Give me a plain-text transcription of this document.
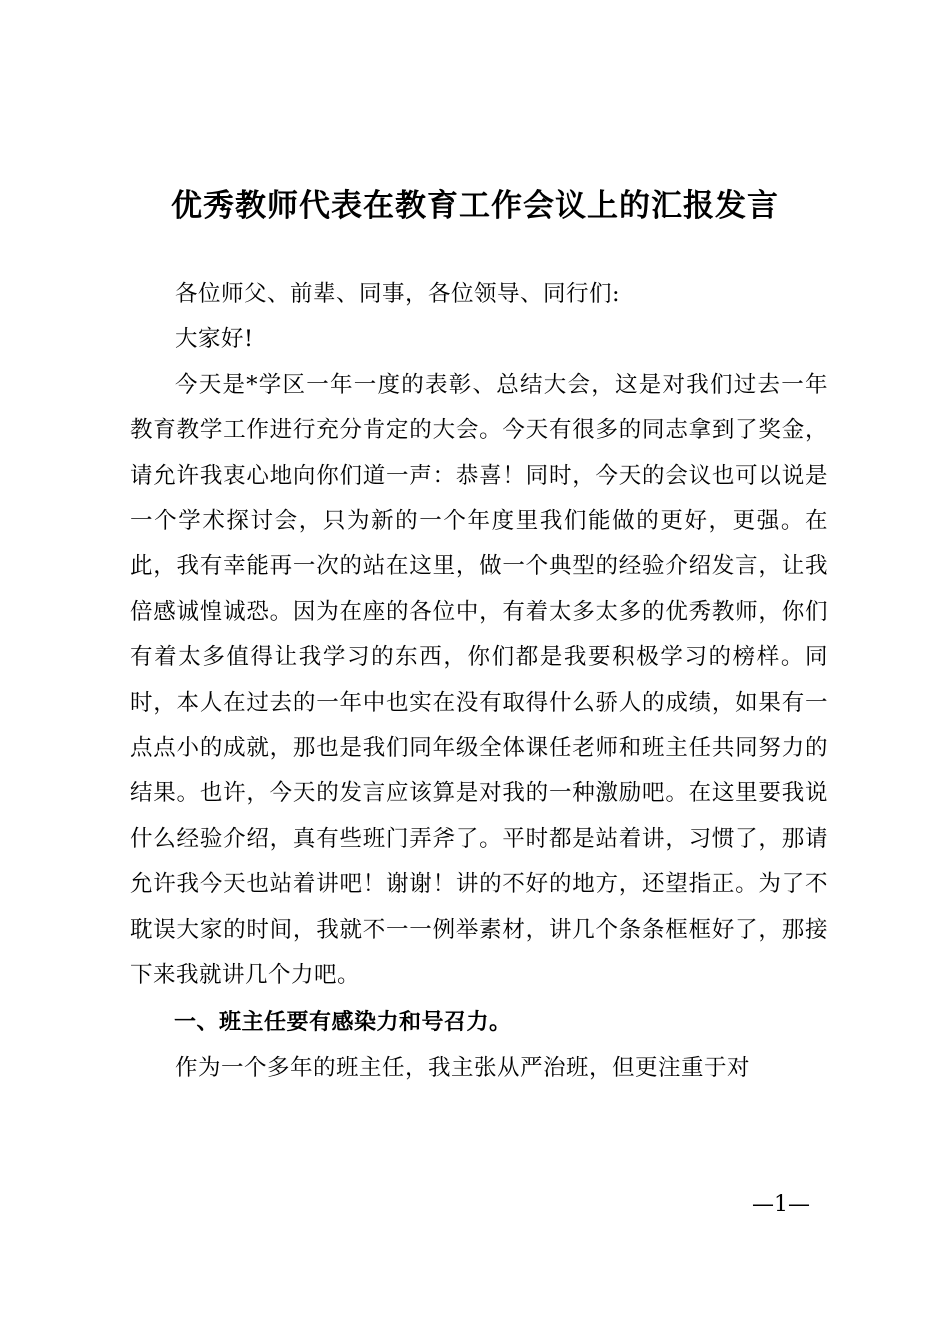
优秀教师代表在教育工作会议上的汇报发言

各位师父、前辈、同事，各位领导、同行们:

大家好!

今天是*学区一年一度的表彰、总结大会，这是对我们过去一年教育教学工作进行充分肯定的大会。今天有很多的同志拿到了奖金，请允许我衷心地向你们道一声：恭喜！同时，今天的会议也可以说是一个学术探讨会，只为新的一个年度里我们能做的更好，更强。在此，我有幸能再一次的站在这里，做一个典型的经验介绍发言，让我倍感诚惶诚恐。因为在座的各位中，有着太多太多的优秀教师，你们有着太多值得让我学习的东西，你们都是我要积极学习的榜样。同时，本人在过去的一年中也实在没有取得什么骄人的成绩，如果有一点点小的成就，那也是我们同年级全体课任老师和班主任共同努力的结果。也许，今天的发言应该算是对我的一种激励吧。在这里要我说什么经验介绍，真有些班门弄斧了。平时都是站着讲，习惯了，那请允许我今天也站着讲吧！谢谢！讲的不好的地方，还望指正。为了不耽误大家的时间，我就不一一例举素材，讲几个条条框框好了，那接下来我就讲几个力吧。

一、班主任要有感染力和号召力。

作为一个多年的班主任，我主张从严治班，但更注重于对

—1—
